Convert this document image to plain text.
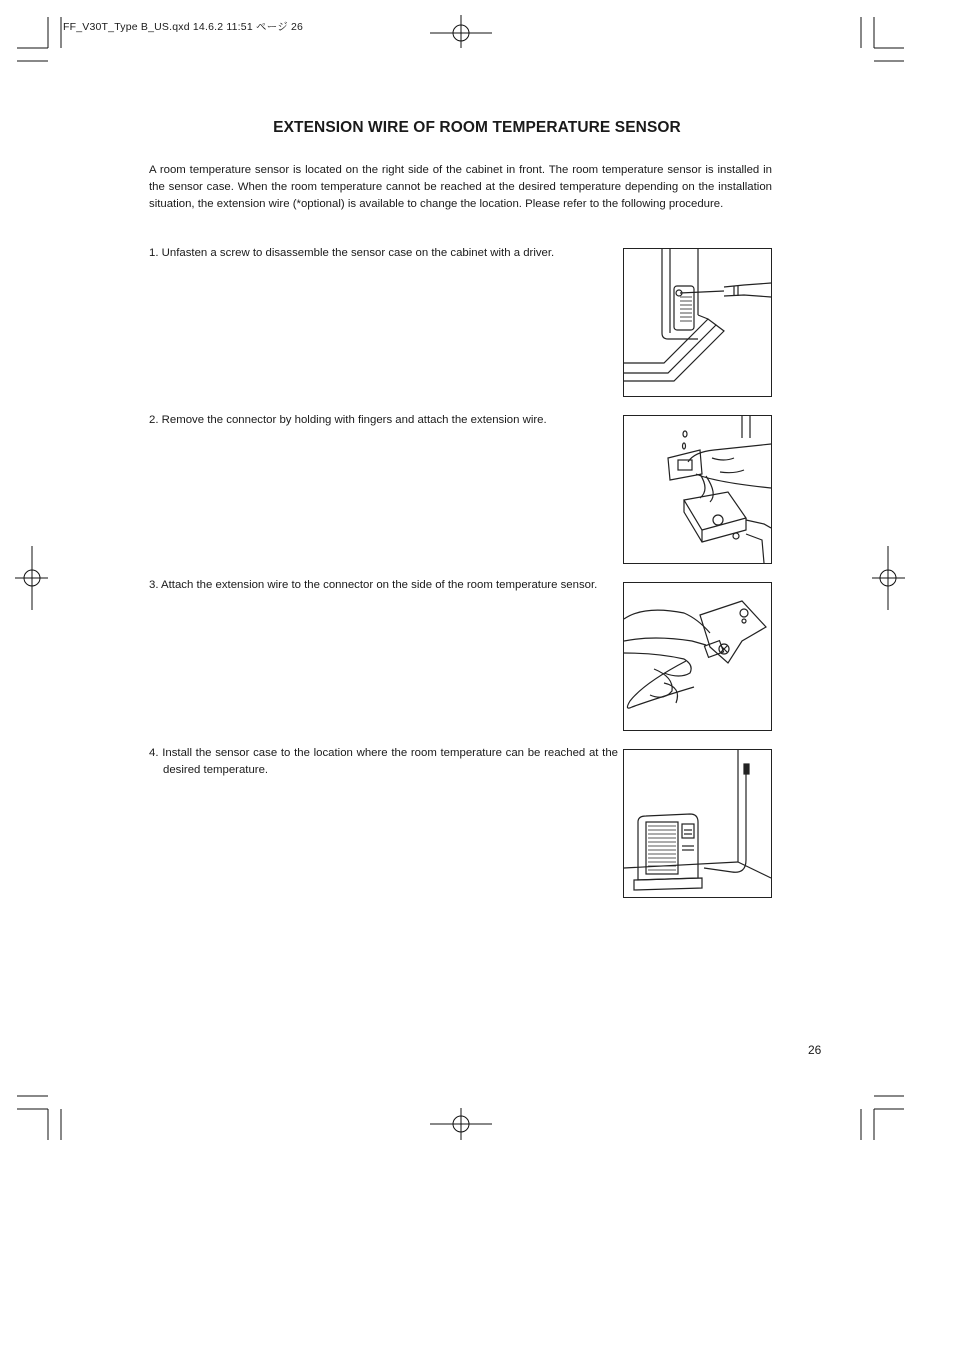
FF_V30T_Type B_US.qxd 14.6.2 11:51 ページ 26
EXTENSION WIRE OF ROOM TEMPERATURE SENSOR
A room temperature sensor is located on the right side of the cabinet in front. The room temperature sensor is installed in the sensor case. When the room temperature cannot be reached at the desired temperature depending on the installation situation, the extension wire (*optional) is available to change the location. Please refer to the following procedure.
1. Unfasten a screw to disassemble the sensor case on the cabinet with a driver.
2. Remove the connector by holding with fingers and attach the extension wire.
3. Attach the extension wire to the connector on the side of the room temperature sensor.
4. Install the sensor case to the location where the room temperature can be reached at the desired temperature.
26
